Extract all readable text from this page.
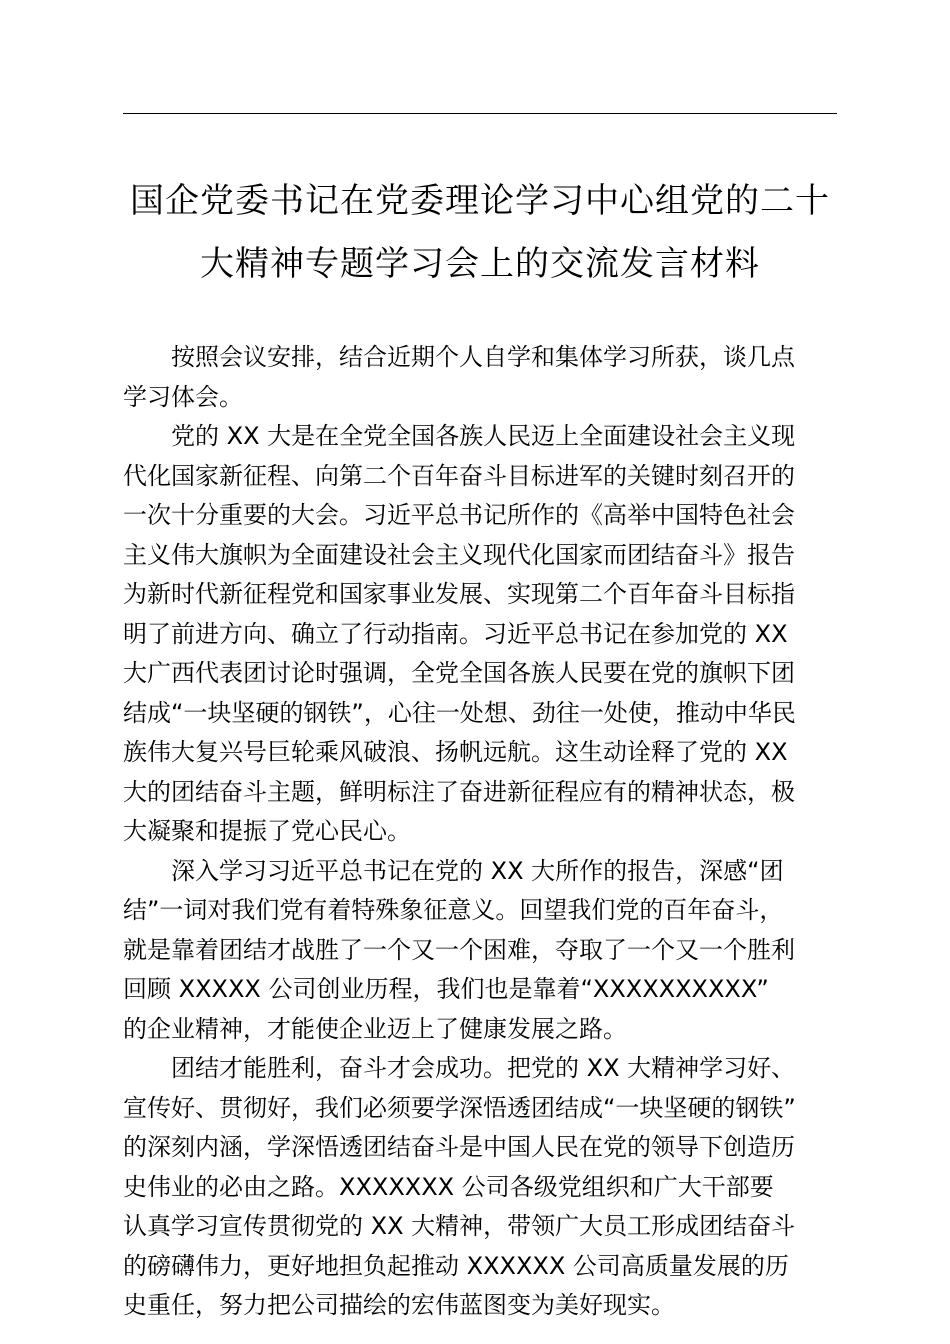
国企党委书记在党委理论学习中心组党的二十
大精神专题学习会上的交流发言材料

按照会议安排，结合近期个人自学和集体学习所获，谈几点
学习体会。

党的 XX 大是在全党全国各族人民迈上全面建设社会主义现
代化国家新征程、向第二个百年奋斗目标进军的关键时刻召开的
一次十分重要的大会。习近平总书记所作的《高举中国特色社会
主义伟大旗帜为全面建设社会主义现代化国家而团结奋斗》报告
为新时代新征程党和国家事业发展、实现第二个百年奋斗目标指
明了前进方向、确立了行动指南。习近平总书记在参加党的 XX
大广西代表团讨论时强调，全党全国各族人民要在党的旗帜下团
结成“一块坚硬的钢铁”，心往一处想、劲往一处使，推动中华民
族伟大复兴号巨轮乘风破浪、扬帆远航。这生动诠释了党的 XX
大的团结奋斗主题，鲜明标注了奋进新征程应有的精神状态，极
大凝聚和提振了党心民心。

深入学习习近平总书记在党的 XX 大所作的报告，深感“团
结”一词对我们党有着特殊象征意义。回望我们党的百年奋斗，
就是靠着团结才战胜了一个又一个困难，夺取了一个又一个胜利
回顾 XXXXX 公司创业历程，我们也是靠着“XXXXXXXXXX”
的企业精神，才能使企业迈上了健康发展之路。

团结才能胜利，奋斗才会成功。把党的 XX 大精神学习好、
宣传好、贯彻好，我们必须要学深悟透团结成“一块坚硬的钢铁”
的深刻内涵，学深悟透团结奋斗是中国人民在党的领导下创造历
史伟业的必由之路。XXXXXXX 公司各级党组织和广大干部要
认真学习宣传贯彻党的 XX 大精神，带领广大员工形成团结奋斗
的磅礴伟力，更好地担负起推动 XXXXXX 公司高质量发展的历
史重任，努力把公司描绘的宏伟蓝图变为美好现实。
